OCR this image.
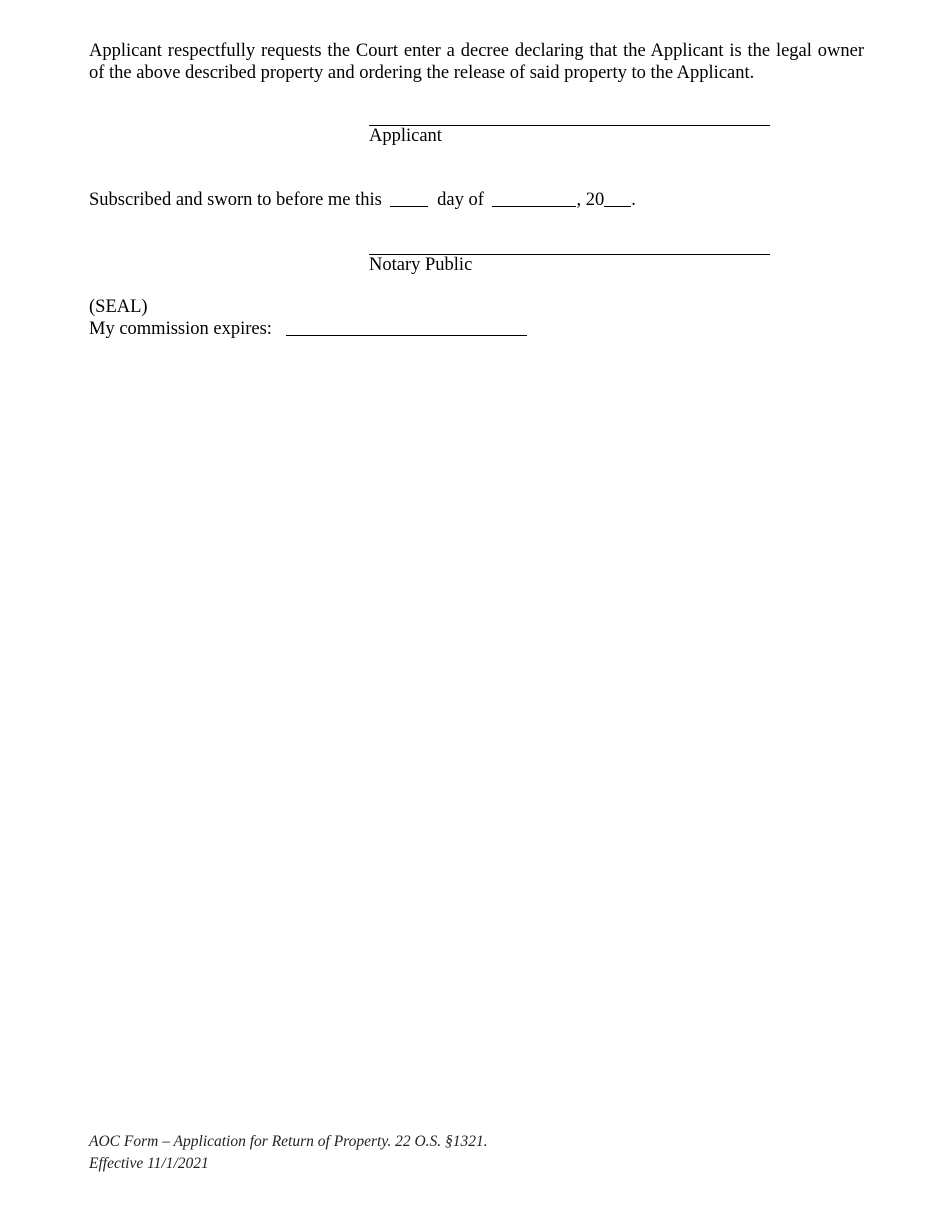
Applicant respectfully requests the Court enter a decree declaring that the Applicant is the legal owner
of the above described property and ordering the release of said property to the Applicant.
Applicant
Subscribed and sworn to before me this	day of	, 20 .
Notary Public
(SEAL)
My commission expires:
AOC Form – Application for Return of Property. 22 O.S. §1321.
Effective 11/1/2021
